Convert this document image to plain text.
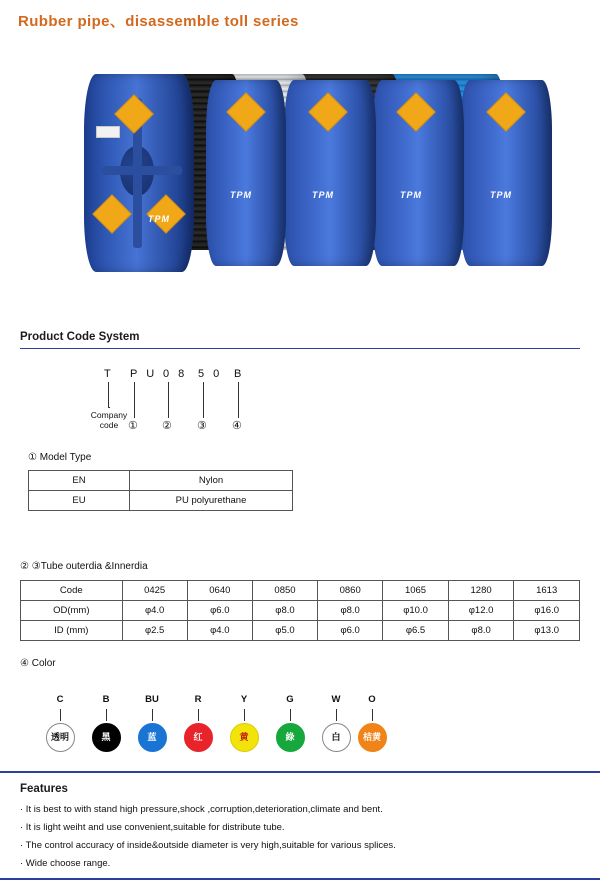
Rubber pipe、disassemble toll series
TPM
TPM
TPM
TPM
TPM
Product Code System
T P U 0 8 5 0 B
Company
code ① ② ③ ④
① Model Type
EN	Nylon
EU	PU polyurethane
② ③Tube outerdia &Innerdia
Code	0425	0640	0850	0860	1065	1280	1613
OD(mm)	φ4.0	φ6.0	φ8.0	φ8.0	φ10.0	φ12.0	φ16.0
ID (mm)	φ2.5	φ4.0	φ5.0	φ6.0	φ6.5	φ8.0	φ13.0
④ Color
C
透明
B
黑
BU
蓝
R
红
Y
黄
G
綠
W
白
O
桔黄
Features
· It is best to with stand high pressure,shock ,corruption,deterioration,climate and bent.
· It is light weiht and use convenient,suitable for distribute tube.
· The control accuracy of inside&outside diameter is very high,suitable for various splices.
· Wide choose range.
